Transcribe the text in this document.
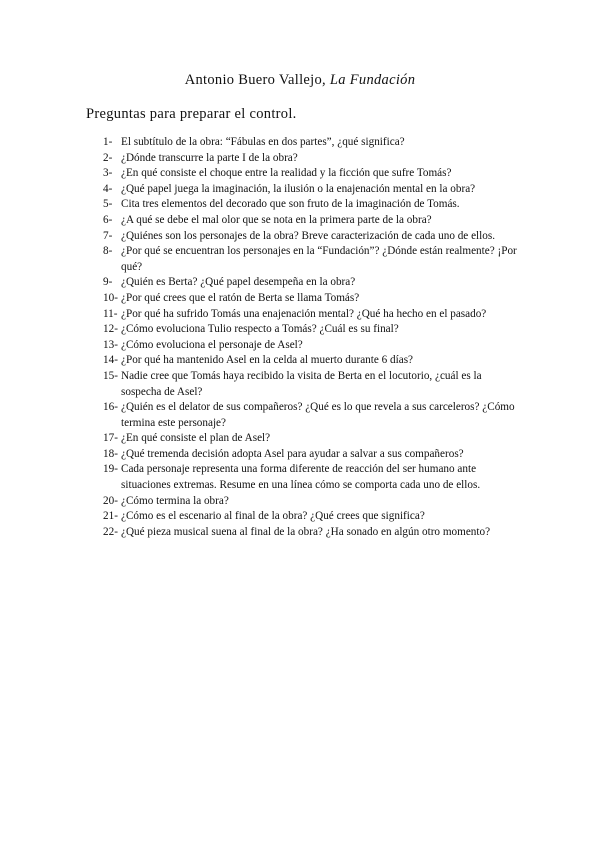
Antonio Buero Vallejo, La Fundación
Preguntas para preparar el control.
1- El subtítulo de la obra: “Fábulas en dos partes”, ¿qué significa?
2- ¿Dónde transcurre la parte I de la obra?
3- ¿En qué consiste el choque entre la realidad y la ficción que sufre Tomás?
4- ¿Qué papel juega la imaginación, la ilusión o la enajenación mental en la obra?
5- Cita tres elementos del decorado que son fruto de la imaginación de Tomás.
6- ¿A qué se debe el mal olor que se nota en la primera parte de la obra?
7- ¿Quiénes son los personajes de la obra? Breve caracterización de cada uno de ellos.
8- ¿Por qué se encuentran los personajes en la “Fundación”? ¿Dónde están realmente? ¡Por qué?
9- ¿Quién es Berta? ¿Qué papel desempeña en la obra?
10- ¿Por qué crees que el ratón de Berta se llama Tomás?
11- ¿Por qué ha sufrido Tomás una enajenación mental? ¿Qué ha hecho en el pasado?
12- ¿Cómo evoluciona Tulio respecto a Tomás? ¿Cuál es su final?
13- ¿Cómo evoluciona el personaje de Asel?
14- ¿Por qué ha mantenido Asel en la celda al muerto durante 6 días?
15- Nadie cree que Tomás haya recibido la visita de Berta en el locutorio, ¿cuál es la sospecha de Asel?
16- ¿Quién es el delator de sus compañeros? ¿Qué es lo que revela a sus carceleros? ¿Cómo termina este personaje?
17- ¿En qué consiste el plan de Asel?
18- ¿Qué tremenda decisión adopta Asel para ayudar a salvar a sus compañeros?
19- Cada personaje representa una forma diferente de reacción del ser humano ante situaciones extremas. Resume en una línea cómo se comporta cada uno de ellos.
20- ¿Cómo termina la obra?
21- ¿Cómo es el escenario al final de la obra? ¿Qué crees que significa?
22- ¿Qué pieza musical suena al final de la obra? ¿Ha sonado en algún otro momento?
